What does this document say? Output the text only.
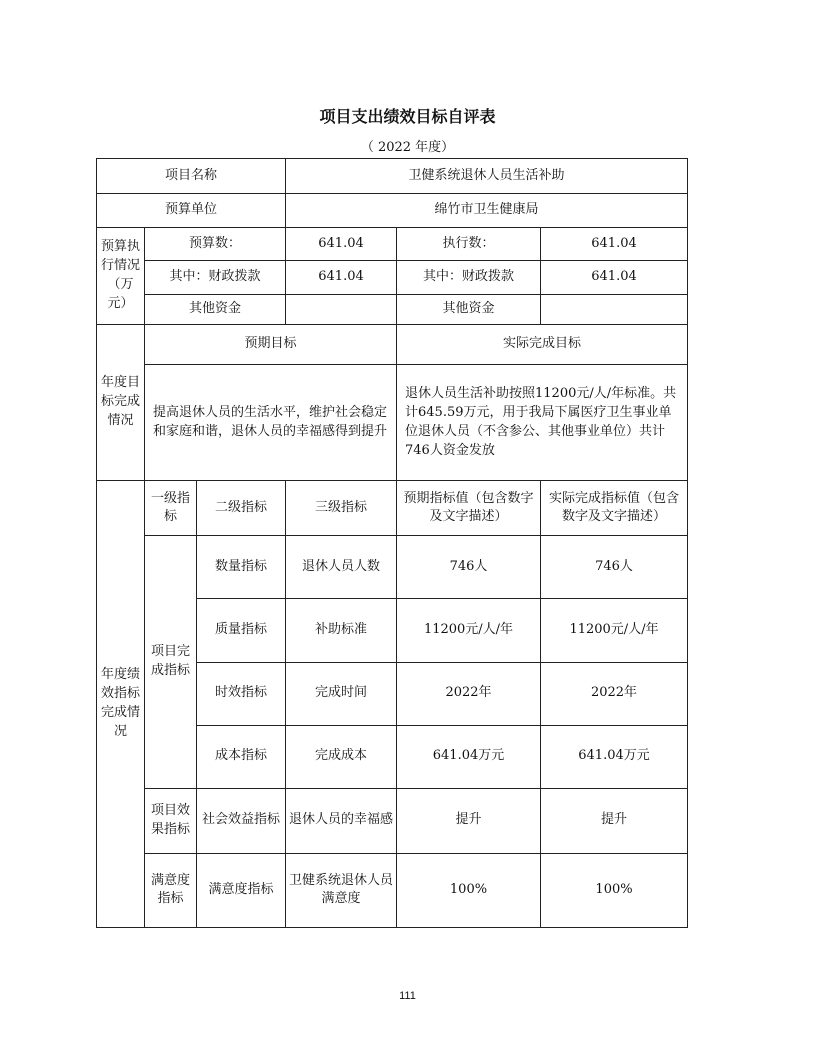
项目支出绩效目标自评表
（ 2022 年度）
项目名称			卫健系统退休人员生活补助		
预算单位			绵竹市卫生健康局		
预算执行情况（万元）	预算数：		641.04	执行数：	641.04
	其中：财政拨款		641.04	其中：财政拨款	641.04
	其他资金			其他资金	
年度目标完成情况	预期目标			实际完成目标	
	提高退休人员的生活水平，维护社会稳定和家庭和谐，退休人员的幸福感得到提升			退休人员生活补助按照11200元/人/年标准。共计645.59万元，用于我局下属医疗卫生事业单位退休人员（不含参公、其他事业单位）共计746人资金发放	
年度绩效指标完成情况	一级指标	二级指标	三级指标	预期指标值（包含数字及文字描述）	实际完成指标值（包含数字及文字描述）
	项目完成指标	数量指标	退休人员人数	746人	746人
		质量指标	补助标准	11200元/人/年	11200元/人/年
		时效指标	完成时间	2022年	2022年
		成本指标	完成成本	641.04万元	641.04万元
	项目效果指标	社会效益指标	退休人员的幸福感	提升	提升
	满意度指标	满意度指标	卫健系统退休人员满意度	100%	100%
111
